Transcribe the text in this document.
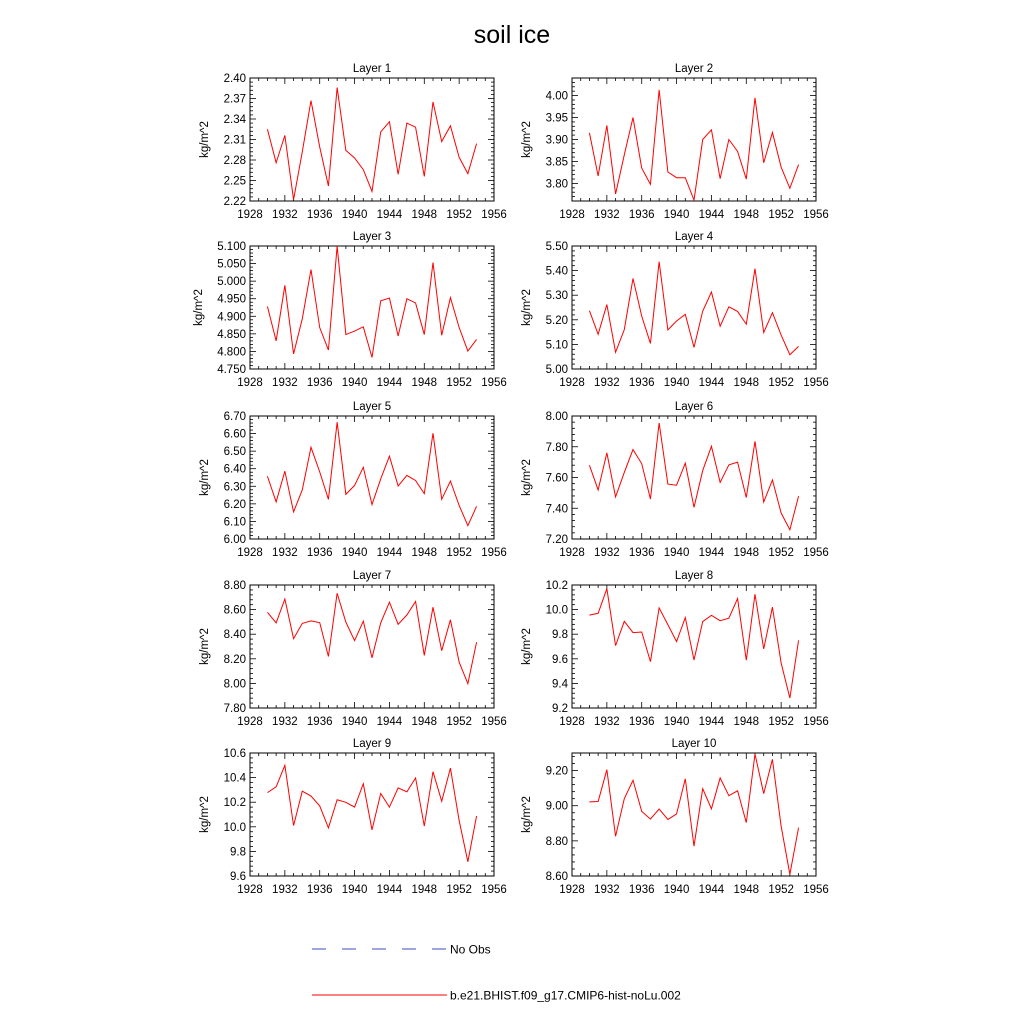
soil ice
1928 1932 1936 1940 1944 1948 1952 1956
2.22
2.25
2.28
2.31
2.34
2.37
2.40
Layer 1
kg/m^2
1928 1932 1936 1940 1944 1948 1952 1956
3.80
3.85
3.90
3.95
4.00
Layer 2
kg/m^2
1928 1932 1936 1940 1944 1948 1952 1956
4.750
4.800
4.850
4.900
4.950
5.000
5.050
5.100
Layer 3
kg/m^2
1928 1932 1936 1940 1944 1948 1952 1956
5.00
5.10
5.20
5.30
5.40
5.50
Layer 4
kg/m^2
1928 1932 1936 1940 1944 1948 1952 1956
6.00
6.10
6.20
6.30
6.40
6.50
6.60
6.70
Layer 5
kg/m^2
1928 1932 1936 1940 1944 1948 1952 1956
7.20
7.40
7.60
7.80
8.00
Layer 6
kg/m^2
1928 1932 1936 1940 1944 1948 1952 1956
7.80
8.00
8.20
8.40
8.60
8.80
Layer 7
kg/m^2
1928 1932 1936 1940 1944 1948 1952 1956
9.2
9.4
9.6
9.8
10.0
10.2
Layer 8
kg/m^2
1928 1932 1936 1940 1944 1948 1952 1956
9.6
9.8
10.0
10.2
10.4
10.6
Layer 9
kg/m^2
1928 1932 1936 1940 1944 1948 1952 1956
8.60
8.80
9.00
9.20
Layer 10
kg/m^2
No Obs
b.e21.BHIST.f09_g17.CMIP6-hist-noLu.002
